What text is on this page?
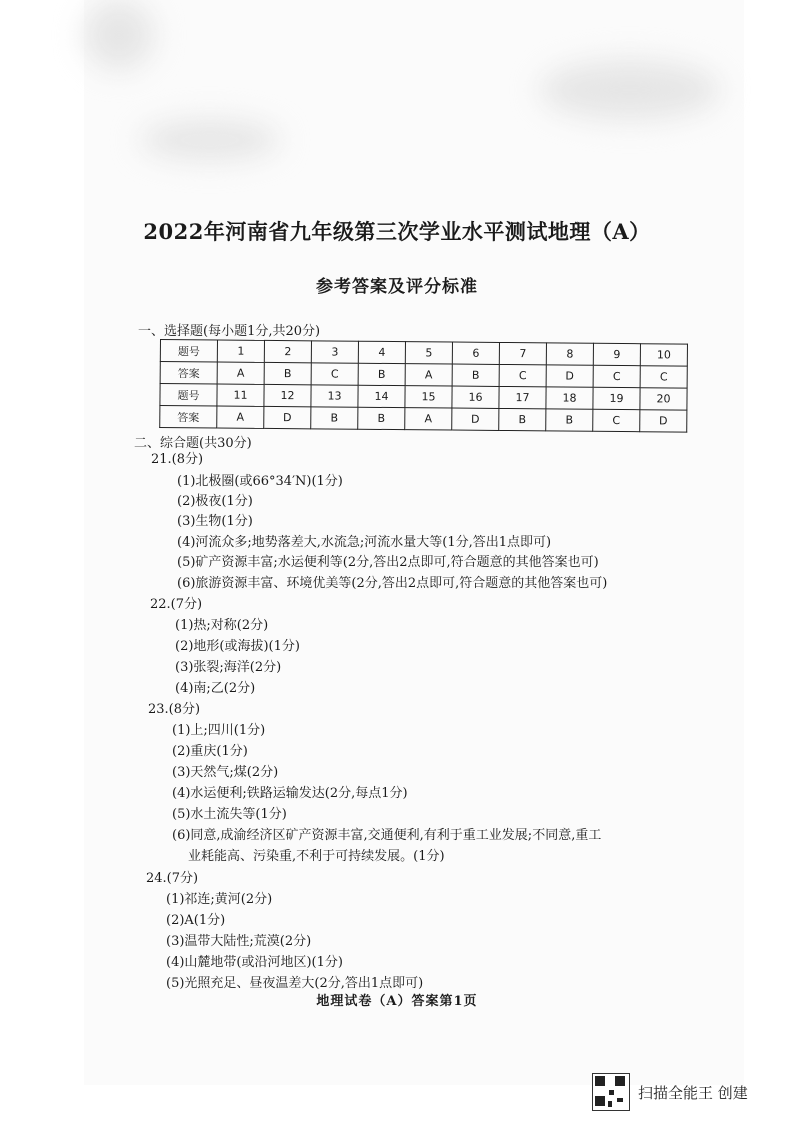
2022年河南省九年级第三次学业水平测试地理（A）
参考答案及评分标准
一、选择题(每小题1分,共20分)
题号	1	2	3	4	5	6	7	8	9	10
答案	A	B	C	B	A	B	C	D	C	C
题号	11	12	13	14	15	16	17	18	19	20
答案	A	D	B	B	A	D	B	B	C	D
二、综合题(共30分)
21.(8分)
(1)北极圈(或66°34′N)(1分)
(2)极夜(1分)
(3)生物(1分)
(4)河流众多;地势落差大,水流急;河流水量大等(1分,答出1点即可)
(5)矿产资源丰富;水运便利等(2分,答出2点即可,符合题意的其他答案也可)
(6)旅游资源丰富、环境优美等(2分,答出2点即可,符合题意的其他答案也可)
22.(7分)
(1)热;对称(2分)
(2)地形(或海拔)(1分)
(3)张裂;海洋(2分)
(4)南;乙(2分)
23.(8分)
(1)上;四川(1分)
(2)重庆(1分)
(3)天然气;煤(2分)
(4)水运便利;铁路运输发达(2分,每点1分)
(5)水土流失等(1分)
(6)同意,成渝经济区矿产资源丰富,交通便利,有利于重工业发展;不同意,重工
业耗能高、污染重,不利于可持续发展。(1分)
24.(7分)
(1)祁连;黄河(2分)
(2)A(1分)
(3)温带大陆性;荒漠(2分)
(4)山麓地带(或沿河地区)(1分)
(5)光照充足、昼夜温差大(2分,答出1点即可)
地理试卷（A）答案第1页
扫描全能王 创建
